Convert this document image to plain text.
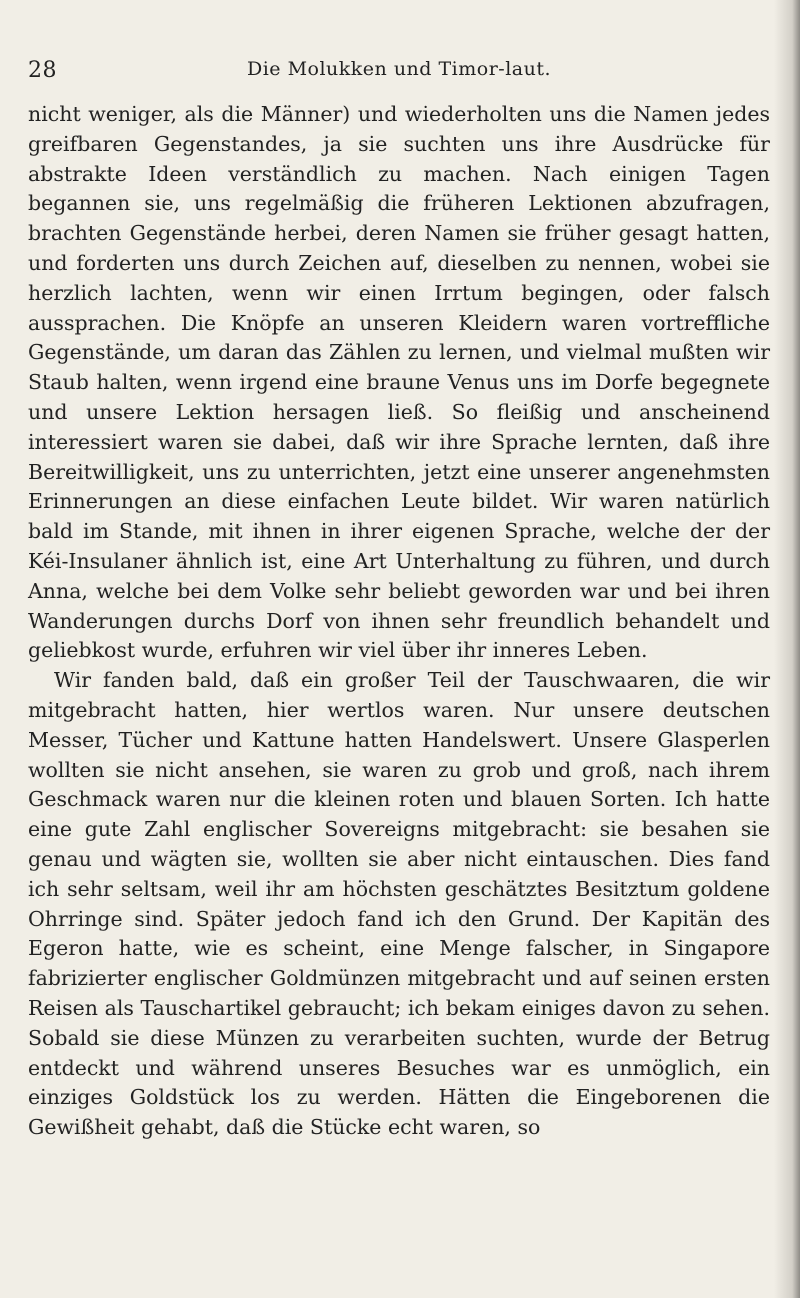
28	Die Molukken und Timor-laut.

nicht weniger, als die Männer) und wiederholten uns die Namen jedes greifbaren Gegenstandes, ja sie suchten uns ihre Ausdrücke für abstrakte Ideen verständlich zu machen. Nach einigen Tagen begannen sie, uns regelmäßig die früheren Lektionen abzufragen, brachten Gegenstände herbei, deren Namen sie früher gesagt hatten, und forderten uns durch Zeichen auf, dieselben zu nennen, wobei sie herzlich lachten, wenn wir einen Irrtum begingen, oder falsch aussprachen. Die Knöpfe an unseren Kleidern waren vortreffliche Gegenstände, um daran das Zählen zu lernen, und vielmal mußten wir Staub halten, wenn irgend eine braune Venus uns im Dorfe begegnete und unsere Lektion hersagen ließ. So fleißig und anscheinend interessiert waren sie dabei, daß wir ihre Sprache lernten, daß ihre Bereitwilligkeit, uns zu unterrichten, jetzt eine unserer angenehmsten Erinnerungen an diese einfachen Leute bildet. Wir waren natürlich bald im Stande, mit ihnen in ihrer eigenen Sprache, welche der der Kéi-Insulaner ähnlich ist, eine Art Unterhaltung zu führen, und durch Anna, welche bei dem Volke sehr beliebt geworden war und bei ihren Wanderungen durchs Dorf von ihnen sehr freundlich behandelt und geliebkost wurde, erfuhren wir viel über ihr inneres Leben.

Wir fanden bald, daß ein großer Teil der Tauschwaaren, die wir mitgebracht hatten, hier wertlos waren. Nur unsere deutschen Messer, Tücher und Kattune hatten Handelswert. Unsere Glasperlen wollten sie nicht ansehen, sie waren zu grob und groß, nach ihrem Geschmack waren nur die kleinen roten und blauen Sorten. Ich hatte eine gute Zahl englischer Sovereigns mitgebracht: sie besahen sie genau und wägten sie, wollten sie aber nicht eintauschen. Dies fand ich sehr seltsam, weil ihr am höchsten geschätztes Besitztum goldene Ohrringe sind. Später jedoch fand ich den Grund. Der Kapitän des Egeron hatte, wie es scheint, eine Menge falscher, in Singapore fabrizierter englischer Goldmünzen mitgebracht und auf seinen ersten Reisen als Tauschartikel gebraucht; ich bekam einiges davon zu sehen. Sobald sie diese Münzen zu verarbeiten suchten, wurde der Betrug entdeckt und während unseres Besuches war es unmöglich, ein einziges Goldstück los zu werden. Hätten die Eingeborenen die Gewißheit gehabt, daß die Stücke echt waren, so
